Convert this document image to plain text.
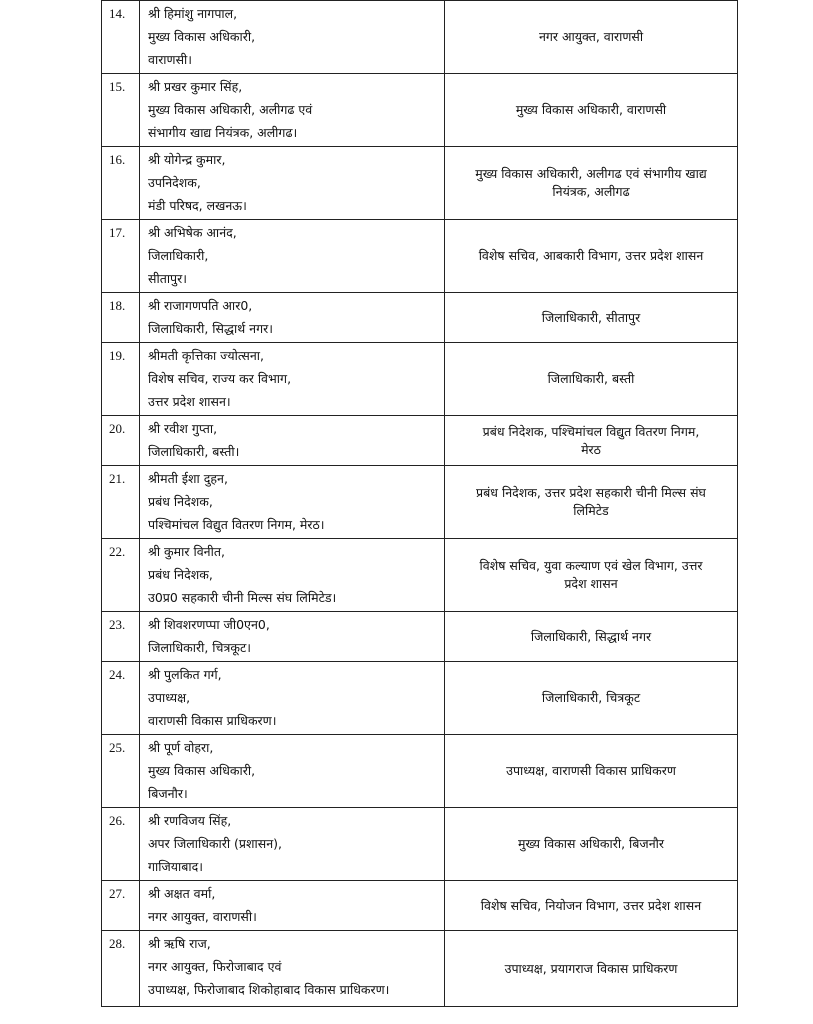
14.	श्री हिमांशु नागपाल,
मुख्य विकास अधिकारी,
वाराणसी।	नगर आयुक्त, वाराणसी

15.	श्री प्रखर कुमार सिंह,
मुख्य विकास अधिकारी, अलीगढ एवं
संभागीय खाद्य नियंत्रक, अलीगढ।	मुख्य विकास अधिकारी, वाराणसी

16.	श्री योगेन्द्र कुमार,
उपनिदेशक,
मंडी परिषद, लखनऊ।	मुख्य विकास अधिकारी, अलीगढ एवं संभागीय खाद्य
नियंत्रक, अलीगढ

17.	श्री अभिषेक आनंद,
जिलाधिकारी,
सीतापुर।	विशेष सचिव, आबकारी विभाग, उत्तर प्रदेश शासन

18.	श्री राजागणपति आर0,
जिलाधिकारी, सिद्धार्थ नगर।	जिलाधिकारी, सीतापुर

19.	श्रीमती कृत्तिका ज्योत्सना,
विशेष सचिव, राज्य कर विभाग,
उत्तर प्रदेश शासन।	जिलाधिकारी, बस्ती

20.	श्री रवीश गुप्ता,
जिलाधिकारी, बस्ती।	प्रबंध निदेशक, पश्चिमांचल विद्युत वितरण निगम,
मेरठ

21.	श्रीमती ईशा दुहन,
प्रबंध निदेशक,
पश्चिमांचल विद्युत वितरण निगम, मेरठ।	प्रबंध निदेशक, उत्तर प्रदेश सहकारी चीनी मिल्स संघ
लिमिटेड

22.	श्री कुमार विनीत,
प्रबंध निदेशक,
उ0प्र0 सहकारी चीनी मिल्स संघ लिमिटेड।	विशेष सचिव, युवा कल्याण एवं खेल विभाग, उत्तर
प्रदेश शासन

23.	श्री शिवशरणप्पा जी0एन0,
जिलाधिकारी, चित्रकूट।	जिलाधिकारी, सिद्धार्थ नगर

24.	श्री पुलकित गर्ग,
उपाध्यक्ष,
वाराणसी विकास प्राधिकरण।	जिलाधिकारी, चित्रकूट

25.	श्री पूर्ण वोहरा,
मुख्य विकास अधिकारी,
बिजनौर।	उपाध्यक्ष, वाराणसी विकास प्राधिकरण

26.	श्री रणविजय सिंह,
अपर जिलाधिकारी (प्रशासन),
गाजियाबाद।	मुख्य विकास अधिकारी, बिजनौर

27.	श्री अक्षत वर्मा,
नगर आयुक्त, वाराणसी।	विशेष सचिव, नियोजन विभाग, उत्तर प्रदेश शासन

28.	श्री ऋषि राज,
नगर आयुक्त, फिरोजाबाद एवं
उपाध्यक्ष, फिरोजाबाद शिकोहाबाद विकास प्राधिकरण।	उपाध्यक्ष, प्रयागराज विकास प्राधिकरण
